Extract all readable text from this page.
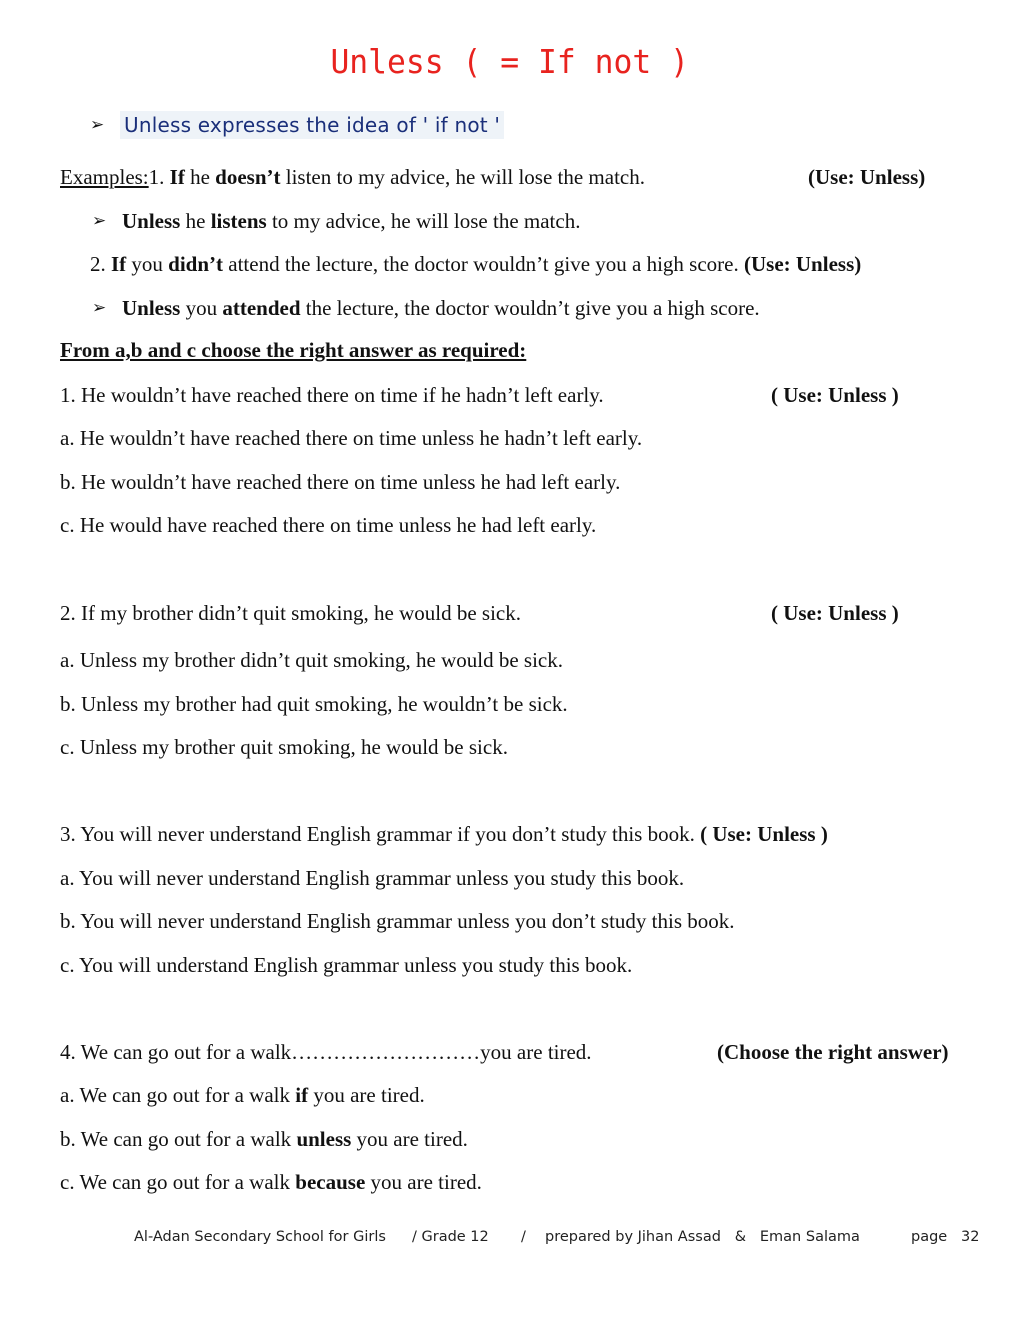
Unless ( = If not )
➢ Unless expresses the idea of ' if not '
Examples:1. If he doesn’t listen to my advice, he will lose the match.	(Use: Unless)
➢ Unless he listens to my advice, he will lose the match.
2. If you didn’t attend the lecture, the doctor wouldn’t give you a high score. (Use: Unless)
➢ Unless you attended the lecture, the doctor wouldn’t give you a high score.
From a,b and c choose the right answer as required:
1. He wouldn’t have reached there on time if he hadn’t left early.	( Use: Unless )
a. He wouldn’t have reached there on time unless he hadn’t left early.
b. He wouldn’t have reached there on time unless he had left early.
c. He would have reached there on time unless he had left early.
2. If my brother didn’t quit smoking, he would be sick.	( Use: Unless )
a. Unless my brother didn’t quit smoking, he would be sick.
b. Unless my brother had quit smoking, he wouldn’t be sick.
c. Unless my brother quit smoking, he would be sick.
3. You will never understand English grammar if you don’t study this book. ( Use: Unless )
a. You will never understand English grammar unless you study this book.
b. You will never understand English grammar unless you don’t study this book.
c. You will understand English grammar unless you study this book.
4. We can go out for a walk………………………you are tired.	(Choose the right answer)
a. We can go out for a walk if you are tired.
b. We can go out for a walk unless you are tired.
c. We can go out for a walk because you are tired.
Al-Adan Secondary School for Girls / Grade 12 / prepared by Jihan Assad   &   Eman Salama	page   32
